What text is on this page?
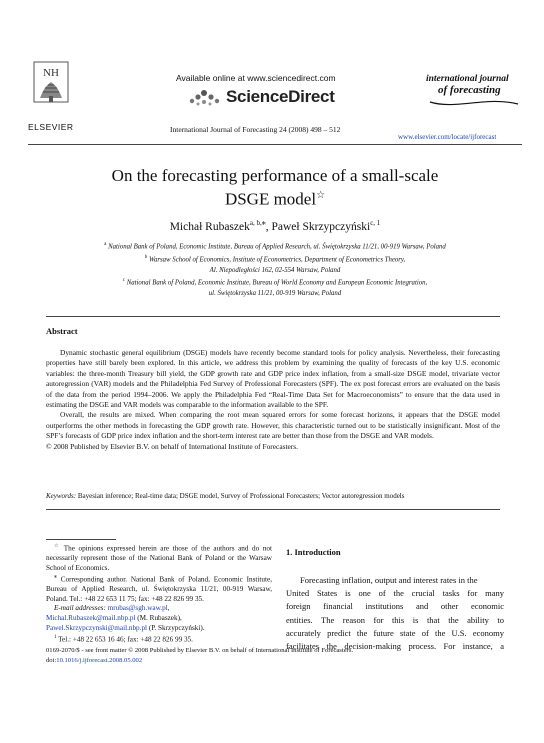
NH
ELSEVIER
Available online at www.sciencedirect.com
ScienceDirect
International Journal of Forecasting 24 (2008) 498 – 512
international journal
of forecasting
www.elsevier.com/locate/ijforecast
On the forecasting performance of a small-scale
DSGE model☆
Michał Rubaszek$^{a, b,⁎}$, Paweł Skrzypczyński$^{c, 1}$
$^a$ National Bank of Poland, Economic Institute, Bureau of Applied Research, ul. Świętokrzyska 11/21, 00-919 Warsaw, Poland
$^b$ Warsaw School of Economics, Institute of Econometrics, Department of Econometrics Theory,
Al. Niepodległości 162, 02-554 Warsaw, Poland
$^c$ National Bank of Poland, Economic Institute, Bureau of World Economy and European Economic Integration,
ul. Świętokrzyska 11/21, 00-919 Warsaw, Poland
Abstract

Dynamic stochastic general equilibrium (DSGE) models have recently become standard tools for policy analysis. Nevertheless, their forecasting properties have still barely been explored. In this article, we address this problem by examining the quality of forecasts of the key U.S. economic variables: the three-month Treasury bill yield, the GDP growth rate and GDP price index inflation, from a small-size DSGE model, trivariate vector autoregression (VAR) models and the Philadelphia Fed Survey of Professional Forecasters (SPF). The ex post forecast errors are evaluated on the basis of the data from the period 1994–2006. We apply the Philadelphia Fed “Real-Time Data Set for Macroeconomists” to ensure that the data used in estimating the DSGE and VAR models was comparable to the information available to the SPF.

Overall, the results are mixed. When comparing the root mean squared errors for some forecast horizons, it appears that the DSGE model outperforms the other methods in forecasting the GDP growth rate. However, this characteristic turned out to be statistically insignificant. Most of the SPF’s forecasts of GDP price index inflation and the short-term interest rate are better than those from the DSGE and VAR models.

© 2008 Published by Elsevier B.V. on behalf of International Institute of Forecasters.

Keywords: Bayesian inference; Real-time data; DSGE model, Survey of Professional Forecasters; Vector autoregression models
☆ The opinions expressed herein are those of the authors and do not necessarily represent those of the National Bank of Poland or the Warsaw School of Economics.
⁎ Corresponding author. National Bank of Poland, Economic Institute, Bureau of Applied Research, ul. Świętokrzyska 11/21, 00-919 Warsaw, Poland. Tel.: +48 22 653 11 75; fax: +48 22 826 99 35.
E-mail addresses: mrubas@sgh.waw.pl,
Michal.Rubaszek@mail.nbp.pl (M. Rubaszek),
Pawel.Skrzypczynski@mail.nbp.pl (P. Skrzypczyński).
$^1$ Tel.: +48 22 653 16 46; fax: +48 22 826 99 35.
1. Introduction
Forecasting inflation, output and interest rates in the
United States is one of the crucial tasks for many
foreign financial institutions and other economic
entities. The reason for this is that the ability to
accurately predict the future state of the U.S. economy
facilitates the decision-making process. For instance, a
0169-2070/$ - see front matter © 2008 Published by Elsevier B.V. on behalf of International Institute of Forecasters.
doi:10.1016/j.ijforecast.2008.05.002
